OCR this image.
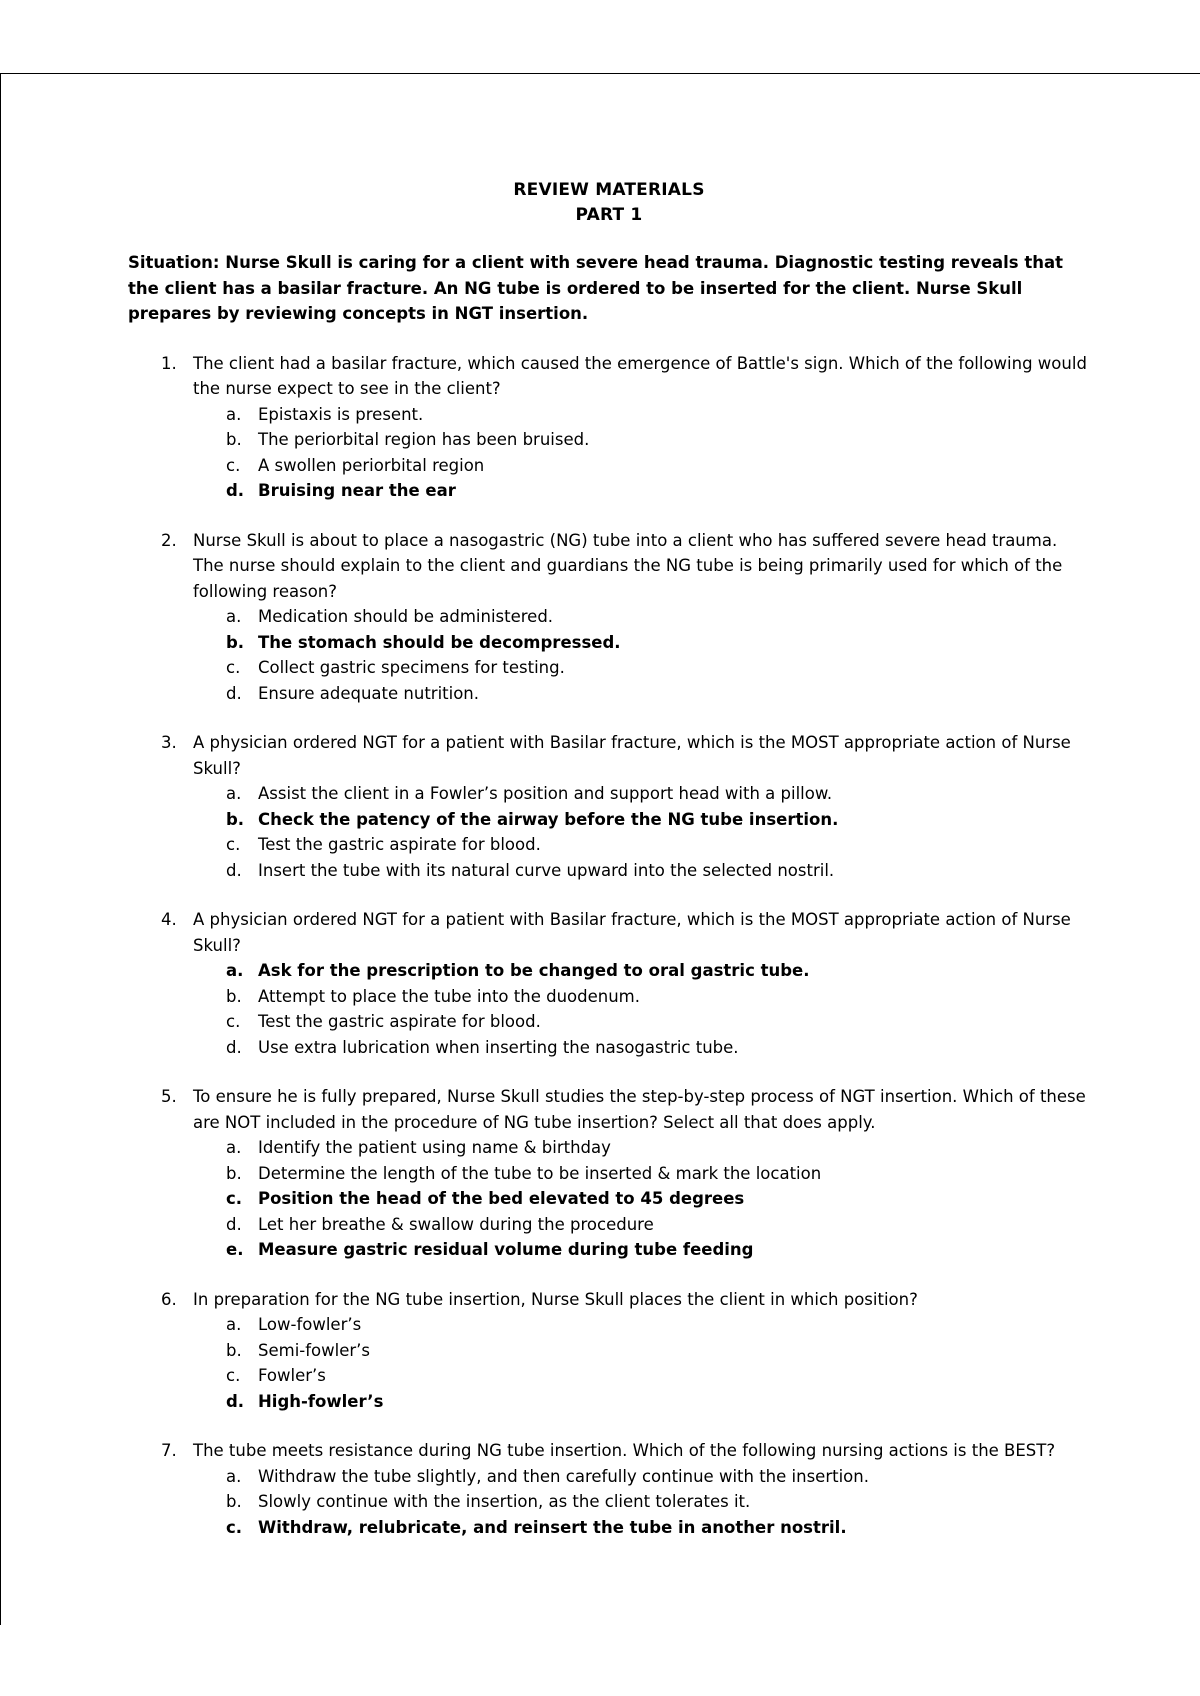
REVIEW MATERIALS
PART 1
Situation: Nurse Skull is caring for a client with severe head trauma. Diagnostic testing reveals that the client has a basilar fracture. An NG tube is ordered to be inserted for the client. Nurse Skull prepares by reviewing concepts in NGT insertion.
1. The client had a basilar fracture, which caused the emergence of Battle's sign. Which of the following would the nurse expect to see in the client?
a. Epistaxis is present.
b. The periorbital region has been bruised.
c. A swollen periorbital region
d. Bruising near the ear
2. Nurse Skull is about to place a nasogastric (NG) tube into a client who has suffered severe head trauma. The nurse should explain to the client and guardians the NG tube is being primarily used for which of the following reason?
a. Medication should be administered.
b. The stomach should be decompressed.
c. Collect gastric specimens for testing.
d. Ensure adequate nutrition.
3. A physician ordered NGT for a patient with Basilar fracture, which is the MOST appropriate action of Nurse Skull?
a. Assist the client in a Fowler’s position and support head with a pillow.
b. Check the patency of the airway before the NG tube insertion.
c. Test the gastric aspirate for blood.
d. Insert the tube with its natural curve upward into the selected nostril.
4. A physician ordered NGT for a patient with Basilar fracture, which is the MOST appropriate action of Nurse Skull?
a. Ask for the prescription to be changed to oral gastric tube.
b. Attempt to place the tube into the duodenum.
c. Test the gastric aspirate for blood.
d. Use extra lubrication when inserting the nasogastric tube.
5. To ensure he is fully prepared, Nurse Skull studies the step-by-step process of NGT insertion. Which of these are NOT included in the procedure of NG tube insertion? Select all that does apply.
a. Identify the patient using name & birthday
b. Determine the length of the tube to be inserted & mark the location
c. Position the head of the bed elevated to 45 degrees
d. Let her breathe & swallow during the procedure
e. Measure gastric residual volume during tube feeding
6. In preparation for the NG tube insertion, Nurse Skull places the client in which position?
a. Low-fowler’s
b. Semi-fowler’s
c. Fowler’s
d. High-fowler’s
7. The tube meets resistance during NG tube insertion. Which of the following nursing actions is the BEST?
a. Withdraw the tube slightly, and then carefully continue with the insertion.
b. Slowly continue with the insertion, as the client tolerates it.
c. Withdraw, relubricate, and reinsert the tube in another nostril.
